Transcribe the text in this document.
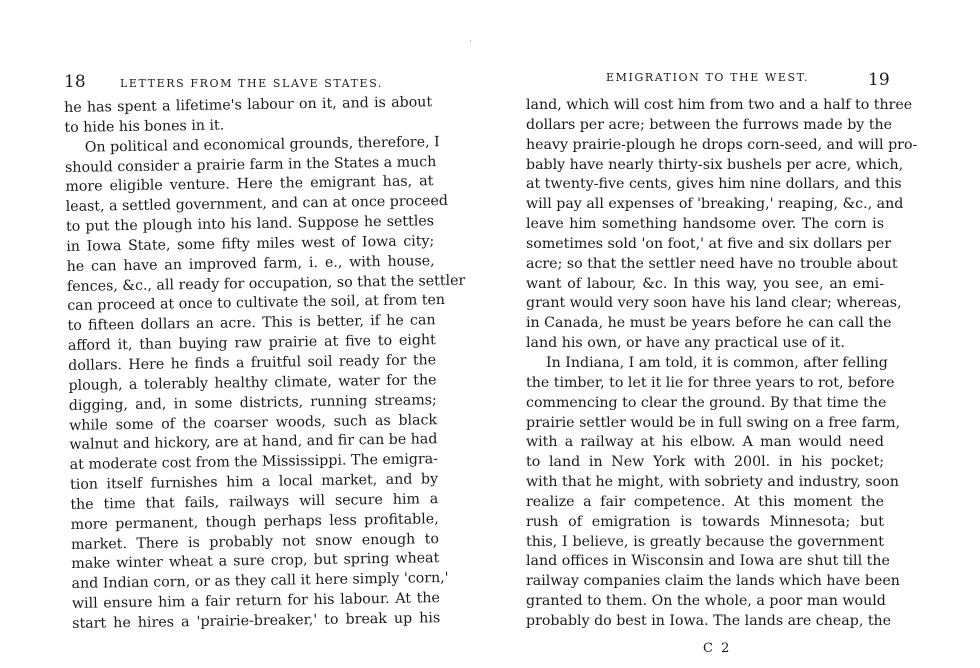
18	LETTERS FROM THE SLAVE STATES.
he has spent a lifetime's labour on it, and is about
to hide his bones in it.
On political and economical grounds, therefore, I
should consider a prairie farm in the States a much
more eligible venture. Here the emigrant has, at
least, a settled government, and can at once proceed
to put the plough into his land. Suppose he settles
in Iowa State, some fifty miles west of Iowa city;
he can have an improved farm, i. e., with house,
fences, &c., all ready for occupation, so that the settler
can proceed at once to cultivate the soil, at from ten
to fifteen dollars an acre. This is better, if he can
afford it, than buying raw prairie at five to eight
dollars. Here he finds a fruitful soil ready for the
plough, a tolerably healthy climate, water for the
digging, and, in some districts, running streams;
while some of the coarser woods, such as black
walnut and hickory, are at hand, and fir can be had
at moderate cost from the Mississippi. The emigra-
tion itself furnishes him a local market, and by
the time that fails, railways will secure him a
more permanent, though perhaps less profitable,
market. There is probably not snow enough to
make winter wheat a sure crop, but spring wheat
and Indian corn, or as they call it here simply 'corn,'
will ensure him a fair return for his labour. At the
start he hires a 'prairie-breaker,' to break up his
EMIGRATION TO THE WEST.	19
land, which will cost him from two and a half to three
dollars per acre; between the furrows made by the
heavy prairie-plough he drops corn-seed, and will pro-
bably have nearly thirty-six bushels per acre, which,
at twenty-five cents, gives him nine dollars, and this
will pay all expenses of 'breaking,' reaping, &c., and
leave him something handsome over. The corn is
sometimes sold 'on foot,' at five and six dollars per
acre; so that the settler need have no trouble about
want of labour, &c. In this way, you see, an emi-
grant would very soon have his land clear; whereas,
in Canada, he must be years before he can call the
land his own, or have any practical use of it.
In Indiana, I am told, it is common, after felling
the timber, to let it lie for three years to rot, before
commencing to clear the ground. By that time the
prairie settler would be in full swing on a free farm,
with a railway at his elbow. A man would need
to land in New York with 200l. in his pocket;
with that he might, with sobriety and industry, soon
realize a fair competence. At this moment the
rush of emigration is towards Minnesota; but
this, I believe, is greatly because the government
land offices in Wisconsin and Iowa are shut till the
railway companies claim the lands which have been
granted to them. On the whole, a poor man would
probably do best in Iowa. The lands are cheap, the
C 2
